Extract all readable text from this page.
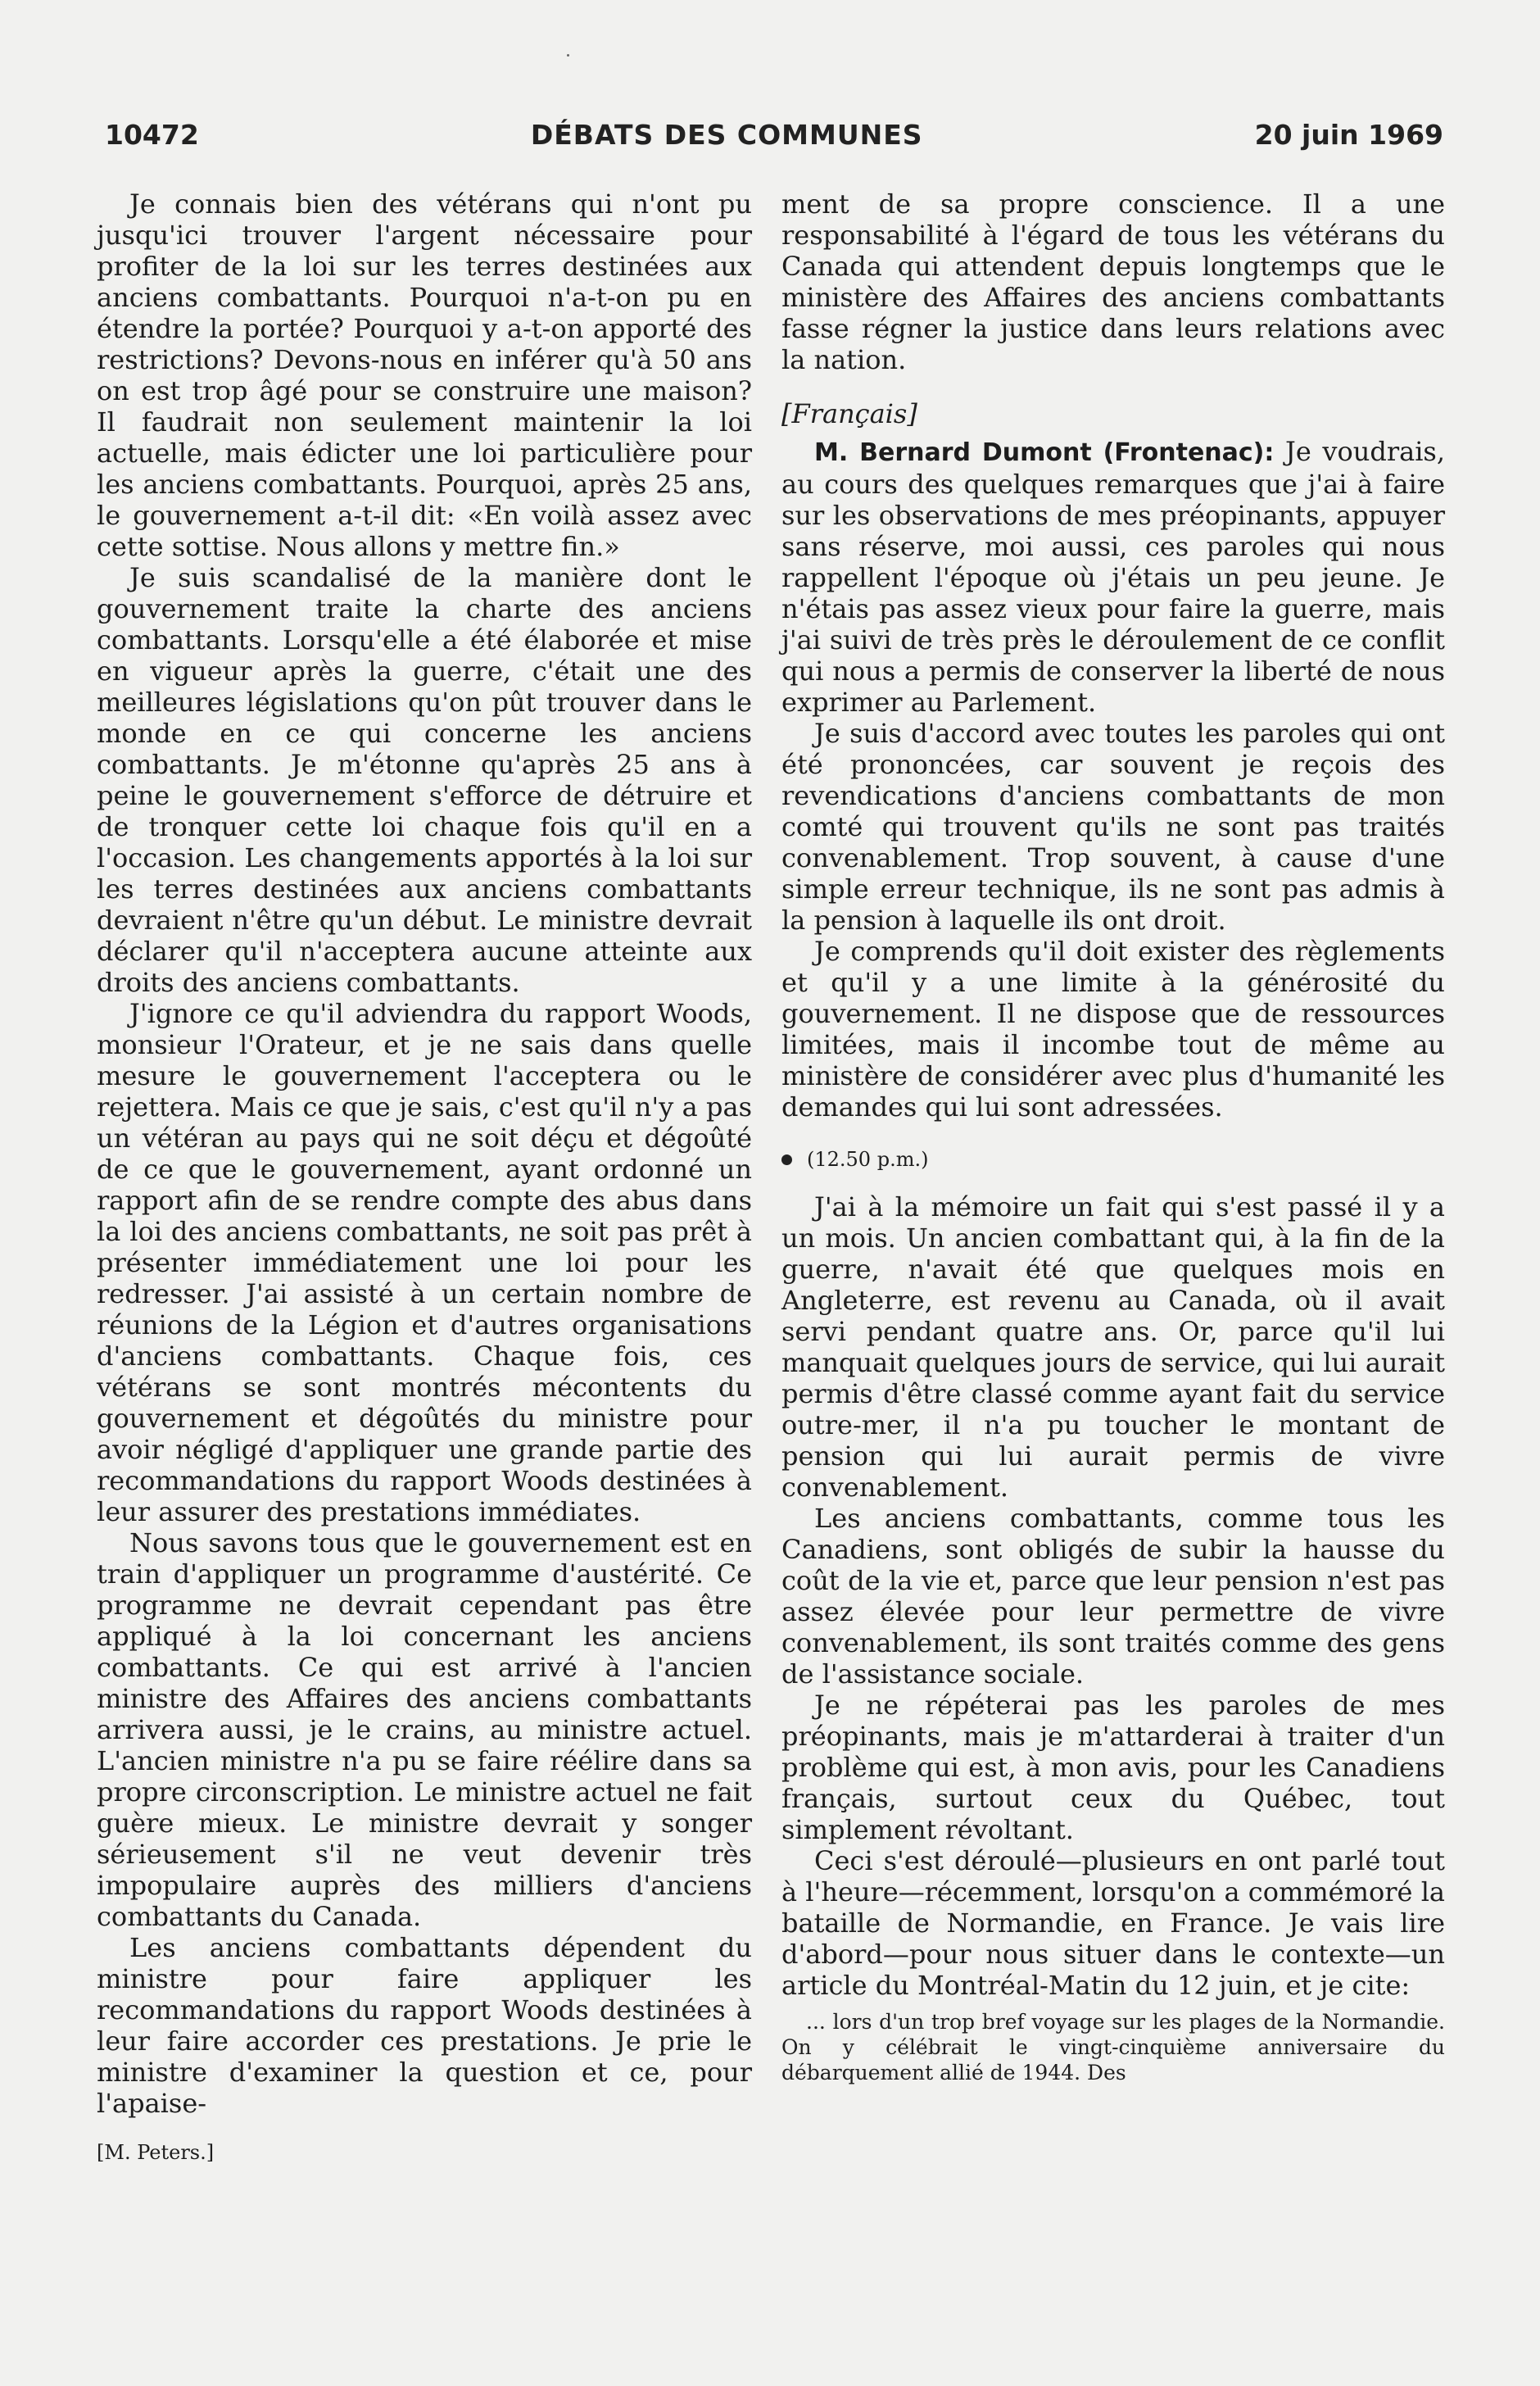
10472	DÉBATS DES COMMUNES	20 juin 1969

Je connais bien des vétérans qui n'ont pu jusqu'ici trouver l'argent nécessaire pour profiter de la loi sur les terres destinées aux anciens combattants. Pourquoi n'a-t-on pu en étendre la portée? Pourquoi y a-t-on apporté des restrictions? Devons-nous en inférer qu'à 50 ans on est trop âgé pour se construire une maison? Il faudrait non seulement maintenir la loi actuelle, mais édicter une loi particulière pour les anciens combattants. Pourquoi, après 25 ans, le gouvernement a-t-il dit: «En voilà assez avec cette sottise. Nous allons y mettre fin.»

Je suis scandalisé de la manière dont le gouvernement traite la charte des anciens combattants. Lorsqu'elle a été élaborée et mise en vigueur après la guerre, c'était une des meilleures législations qu'on pût trouver dans le monde en ce qui concerne les anciens combattants. Je m'étonne qu'après 25 ans à peine le gouvernement s'efforce de détruire et de tronquer cette loi chaque fois qu'il en a l'occasion. Les changements apportés à la loi sur les terres destinées aux anciens combattants devraient n'être qu'un début. Le ministre devrait déclarer qu'il n'acceptera aucune atteinte aux droits des anciens combattants.

J'ignore ce qu'il adviendra du rapport Woods, monsieur l'Orateur, et je ne sais dans quelle mesure le gouvernement l'acceptera ou le rejettera. Mais ce que je sais, c'est qu'il n'y a pas un vétéran au pays qui ne soit déçu et dégoûté de ce que le gouvernement, ayant ordonné un rapport afin de se rendre compte des abus dans la loi des anciens combattants, ne soit pas prêt à présenter immédiatement une loi pour les redresser. J'ai assisté à un certain nombre de réunions de la Légion et d'autres organisations d'anciens combattants. Chaque fois, ces vétérans se sont montrés mécontents du gouvernement et dégoûtés du ministre pour avoir négligé d'appliquer une grande partie des recommandations du rapport Woods destinées à leur assurer des prestations immédiates.

Nous savons tous que le gouvernement est en train d'appliquer un programme d'austérité. Ce programme ne devrait cependant pas être appliqué à la loi concernant les anciens combattants. Ce qui est arrivé à l'ancien ministre des Affaires des anciens combattants arrivera aussi, je le crains, au ministre actuel. L'ancien ministre n'a pu se faire réélire dans sa propre circonscription. Le ministre actuel ne fait guère mieux. Le ministre devrait y songer sérieusement s'il ne veut devenir très impopulaire auprès des milliers d'anciens combattants du Canada.

Les anciens combattants dépendent du ministre pour faire appliquer les recommandations du rapport Woods destinées à leur faire accorder ces prestations. Je prie le ministre d'examiner la question et ce, pour l'apaise-

[M. Peters.]

ment de sa propre conscience. Il a une responsabilité à l'égard de tous les vétérans du Canada qui attendent depuis longtemps que le ministère des Affaires des anciens combattants fasse régner la justice dans leurs relations avec la nation.

[Français]

M. Bernard Dumont (Frontenac): Je voudrais, au cours des quelques remarques que j'ai à faire sur les observations de mes préopinants, appuyer sans réserve, moi aussi, ces paroles qui nous rappellent l'époque où j'étais un peu jeune. Je n'étais pas assez vieux pour faire la guerre, mais j'ai suivi de très près le déroulement de ce conflit qui nous a permis de conserver la liberté de nous exprimer au Parlement.

Je suis d'accord avec toutes les paroles qui ont été prononcées, car souvent je reçois des revendications d'anciens combattants de mon comté qui trouvent qu'ils ne sont pas traités convenablement. Trop souvent, à cause d'une simple erreur technique, ils ne sont pas admis à la pension à laquelle ils ont droit.

Je comprends qu'il doit exister des règlements et qu'il y a une limite à la générosité du gouvernement. Il ne dispose que de ressources limitées, mais il incombe tout de même au ministère de considérer avec plus d'humanité les demandes qui lui sont adressées.

(12.50 p.m.)

J'ai à la mémoire un fait qui s'est passé il y a un mois. Un ancien combattant qui, à la fin de la guerre, n'avait été que quelques mois en Angleterre, est revenu au Canada, où il avait servi pendant quatre ans. Or, parce qu'il lui manquait quelques jours de service, qui lui aurait permis d'être classé comme ayant fait du service outre-mer, il n'a pu toucher le montant de pension qui lui aurait permis de vivre convenablement.

Les anciens combattants, comme tous les Canadiens, sont obligés de subir la hausse du coût de la vie et, parce que leur pension n'est pas assez élevée pour leur permettre de vivre convenablement, ils sont traités comme des gens de l'assistance sociale.

Je ne répéterai pas les paroles de mes préopinants, mais je m'attarderai à traiter d'un problème qui est, à mon avis, pour les Canadiens français, surtout ceux du Québec, tout simplement révoltant.

Ceci s'est déroulé—plusieurs en ont parlé tout à l'heure—récemment, lorsqu'on a commémoré la bataille de Normandie, en France. Je vais lire d'abord—pour nous situer dans le contexte—un article du Montréal-Matin du 12 juin, et je cite:

... lors d'un trop bref voyage sur les plages de la Normandie. On y célébrait le vingt-cinquième anniversaire du débarquement allié de 1944. Des
